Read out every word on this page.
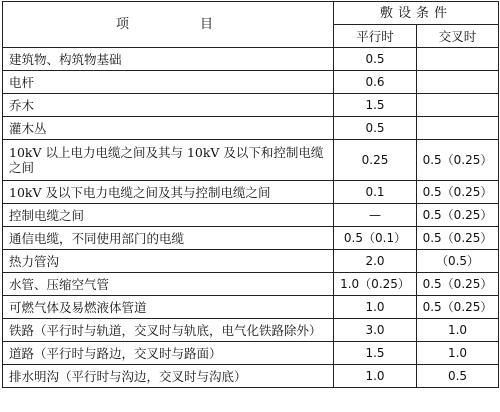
项 目	敷设条件	
	平行时	交叉时
建筑物、构筑物基础	0.5	
电杆	0.6	
乔木	1.5	
灌木丛	0.5	
10kV 以上电力电缆之间及其与 10kV 及以下和控制电缆之间	0.25	0.5（0.25）
10kV 及以下电力电缆之间及其与控制电缆之间	0.1	0.5（0.25）
控制电缆之间	—	0.5（0.25）
通信电缆，不同使用部门的电缆	0.5（0.1）	0.5（0.25）
热力管沟	2.0	（0.5）
水管、压缩空气管	1.0（0.25）	0.5（0.25）
可燃气体及易燃液体管道	1.0	0.5（0.25）
铁路（平行时与轨道，交叉时与轨底，电气化铁路除外）	3.0	1.0
道路（平行时与路边，交叉时与路面）	1.5	1.0
排水明沟（平行时与沟边，交叉时与沟底）	1.0	0.5
